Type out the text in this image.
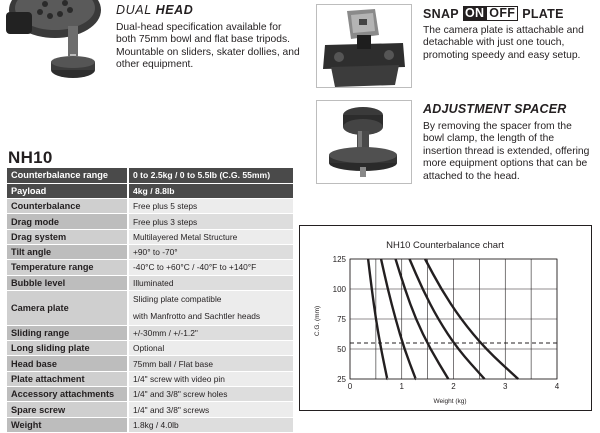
DUAL HEAD
Dual-head specification available for both 75mm bowl and flat base tripods. Mountable on sliders, skater dollies, and other equipment.
SNAP ON OFF PLATE
The camera plate is attachable and detachable with just one touch, promoting speedy and easy setup.
ADJUSTMENT SPACER
By removing the spacer from the bowl clamp, the length of the insertion thread is extended, offering more equipment options that can be attached to the head.
NH10
Counterbalance range	0 to 2.5kg / 0 to 5.5lb (C.G. 55mm)
Payload	4kg / 8.8lb
Counterbalance	Free plus 5 steps
Drag mode	Free plus 3 steps
Drag system	Multilayered Metal Structure
Tilt angle	+90° to -70°
Temperature range	-40°C to +60°C / -40°F to +140°F
Bubble level	Illuminated
Camera plate	Sliding plate compatible
with Manfrotto and Sachtler heads

Sliding range	+/-30mm / +/-1.2"
Long sliding plate	Optional
Head base	75mm ball / Flat base
Plate attachment	1/4" screw with video pin
Accessory attachments	1/4" and 3/8" screw holes
Spare screw	1/4" and 3/8" screws
Weight	1.8kg / 4.0lb
0	1	2	3	4
25
50
75
100
125
NH10 Counterbalance chart
Weight (kg)
C.G. (mm)
